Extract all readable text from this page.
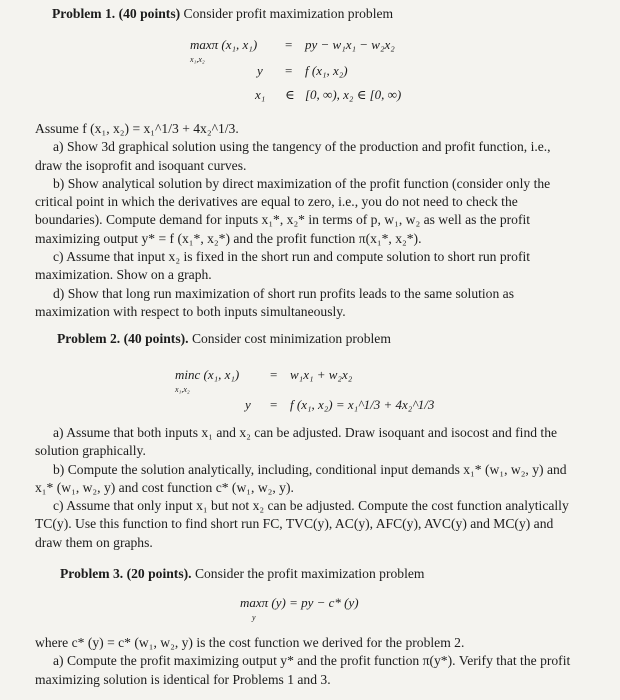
Problem 1. (40 points) Consider profit maximization problem
maxπ (x₁, x₁)
x₁,x₂
= py − w₁x₁ − w₂x₂
y = f (x₁, x₂)
x₁ ∈ [0, ∞), x₂ ∈ [0, ∞)

Assume f (x₁, x₂) = x₁^1/3 + 4x₂^1/3.

a) Show 3d graphical solution using the tangency of the production and profit function, i.e., draw the isoprofit and isoquant curves.

b) Show analytical solution by direct maximization of the profit function (consider only the critical point in which the derivatives are equal to zero, i.e., you do not need to check the boundaries). Compute demand for inputs x₁*, x₂* in terms of p, w₁, w₂ as well as the profit maximizing output y* = f (x₁*, x₂*) and the profit function π(x₁*, x₂*).

c) Assume that input x₂ is fixed in the short run and compute solution to short run profit maximization. Show on a graph.

d) Show that long run maximization of short run profits leads to the same solution as maximization with respect to both inputs simultaneously.

Problem 2. (40 points). Consider cost minimization problem
minc (x₁, x₁)
x₁,x₂
= w₁x₁ + w₂x₂
y = f (x₁, x₂) = x₁^1/3 + 4x₂^1/3

a) Assume that both inputs x₁ and x₂ can be adjusted. Draw isoquant and isocost and find the solution graphically.

b) Compute the solution analytically, including, conditional input demands x₁* (w₁, w₂, y) and x₁* (w₁, w₂, y) and cost function c* (w₁, w₂, y).

c) Assume that only input x₁ but not x₂ can be adjusted. Compute the cost function analytically TC(y). Use this function to find short run FC, TVC(y), AC(y), AFC(y), AVC(y) and MC(y) and draw them on graphs.

Problem 3. (20 points). Consider the profit maximization problem
maxπ (y) = py − c* (y)
y

where c* (y) = c* (w₁, w₂, y) is the cost function we derived for the problem 2.

a) Compute the profit maximizing output y* and the profit function π(y*). Verify that the profit maximizing solution is identical for Problems 1 and 3.
